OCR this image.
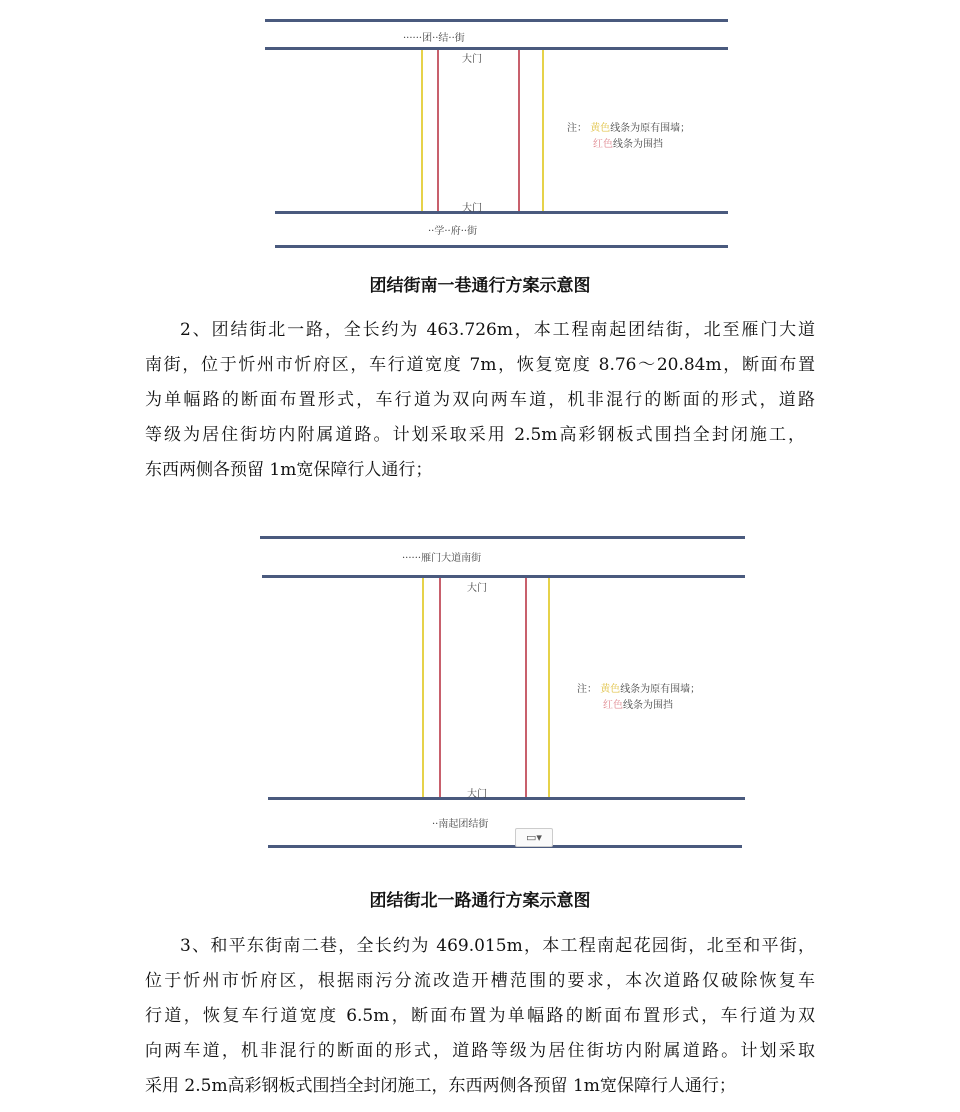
······团··结··街
大门
大门
··学··府··街
注： 黄色线条为原有围墙；
红色线条为围挡
团结街南一巷通行方案示意图
2、团结街北一路，全长约为 463.726m，本工程南起团结街，北至雁门大道
南街，位于忻州市忻府区，车行道宽度 7m，恢复宽度 8.76～20.84m，断面布置
为单幅路的断面布置形式，车行道为双向两车道，机非混行的断面的形式，道路
等级为居住街坊内附属道路。计划采取采用 2.5m高彩钢板式围挡全封闭施工，
东西两侧各预留 1m宽保障行人通行；
······雁门大道南街
大门
大门
··南起团结街
注： 黄色线条为原有围墙；
红色线条为围挡
▭▾
团结街北一路通行方案示意图
3、和平东街南二巷，全长约为 469.015m，本工程南起花园街，北至和平街，
位于忻州市忻府区，根据雨污分流改造开槽范围的要求，本次道路仅破除恢复车
行道，恢复车行道宽度 6.5m，断面布置为单幅路的断面布置形式，车行道为双
向两车道，机非混行的断面的形式，道路等级为居住街坊内附属道路。计划采取
采用 2.5m高彩钢板式围挡全封闭施工，东西两侧各预留 1m宽保障行人通行；
